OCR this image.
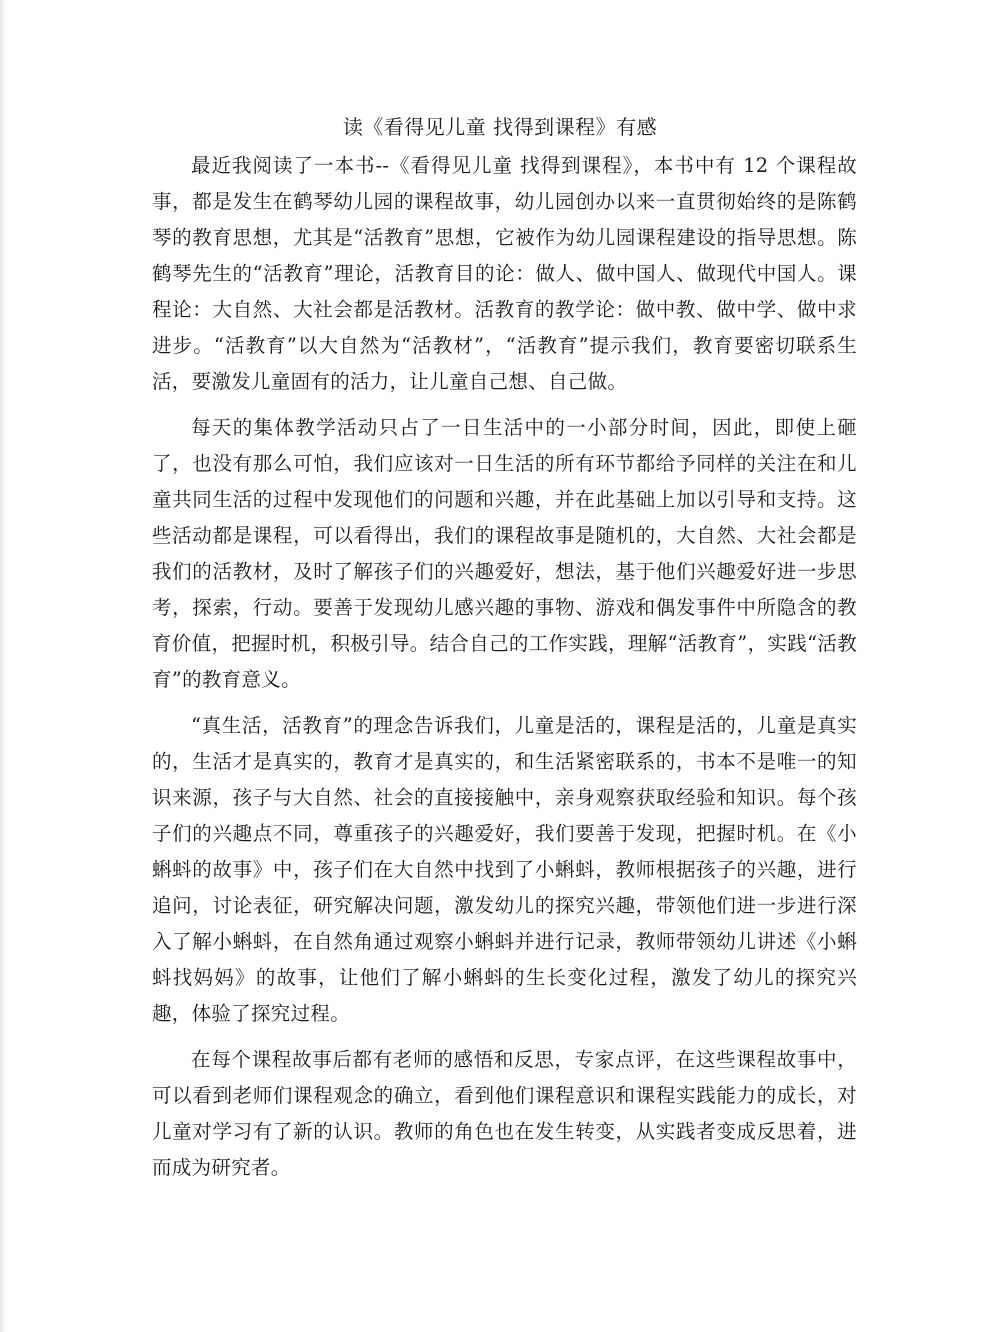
读《看得见儿童 找得到课程》有感

最近我阅读了一本书--《看得见儿童 找得到课程》，本书中有 12 个课程故事，都是发生在鹤琴幼儿园的课程故事，幼儿园创办以来一直贯彻始终的是陈鹤琴的教育思想，尤其是“活教育”思想，它被作为幼儿园课程建设的指导思想。陈鹤琴先生的“活教育”理论，活教育目的论：做人、做中国人、做现代中国人。课程论：大自然、大社会都是活教材。活教育的教学论：做中教、做中学、做中求进步。“活教育”以大自然为“活教材”，“活教育”提示我们，教育要密切联系生活，要激发儿童固有的活力，让儿童自己想、自己做。

每天的集体教学活动只占了一日生活中的一小部分时间，因此，即使上砸了，也没有那么可怕，我们应该对一日生活的所有环节都给予同样的关注在和儿童共同生活的过程中发现他们的问题和兴趣，并在此基础上加以引导和支持。这些活动都是课程，可以看得出，我们的课程故事是随机的，大自然、大社会都是我们的活教材，及时了解孩子们的兴趣爱好，想法，基于他们兴趣爱好进一步思考，探索，行动。要善于发现幼儿感兴趣的事物、游戏和偶发事件中所隐含的教育价值，把握时机，积极引导。结合自己的工作实践，理解“活教育”，实践“活教育”的教育意义。

“真生活，活教育”的理念告诉我们，儿童是活的，课程是活的，儿童是真实的，生活才是真实的，教育才是真实的，和生活紧密联系的，书本不是唯一的知识来源，孩子与大自然、社会的直接接触中，亲身观察获取经验和知识。每个孩子们的兴趣点不同，尊重孩子的兴趣爱好，我们要善于发现，把握时机。在《小蝌蚪的故事》中，孩子们在大自然中找到了小蝌蚪，教师根据孩子的兴趣，进行追问，讨论表征，研究解决问题，激发幼儿的探究兴趣，带领他们进一步进行深入了解小蝌蚪，在自然角通过观察小蝌蚪并进行记录，教师带领幼儿讲述《小蝌蚪找妈妈》的故事，让他们了解小蝌蚪的生长变化过程，激发了幼儿的探究兴趣，体验了探究过程。

在每个课程故事后都有老师的感悟和反思，专家点评，在这些课程故事中，可以看到老师们课程观念的确立，看到他们课程意识和课程实践能力的成长，对儿童对学习有了新的认识。教师的角色也在发生转变，从实践者变成反思着，进而成为研究者。
